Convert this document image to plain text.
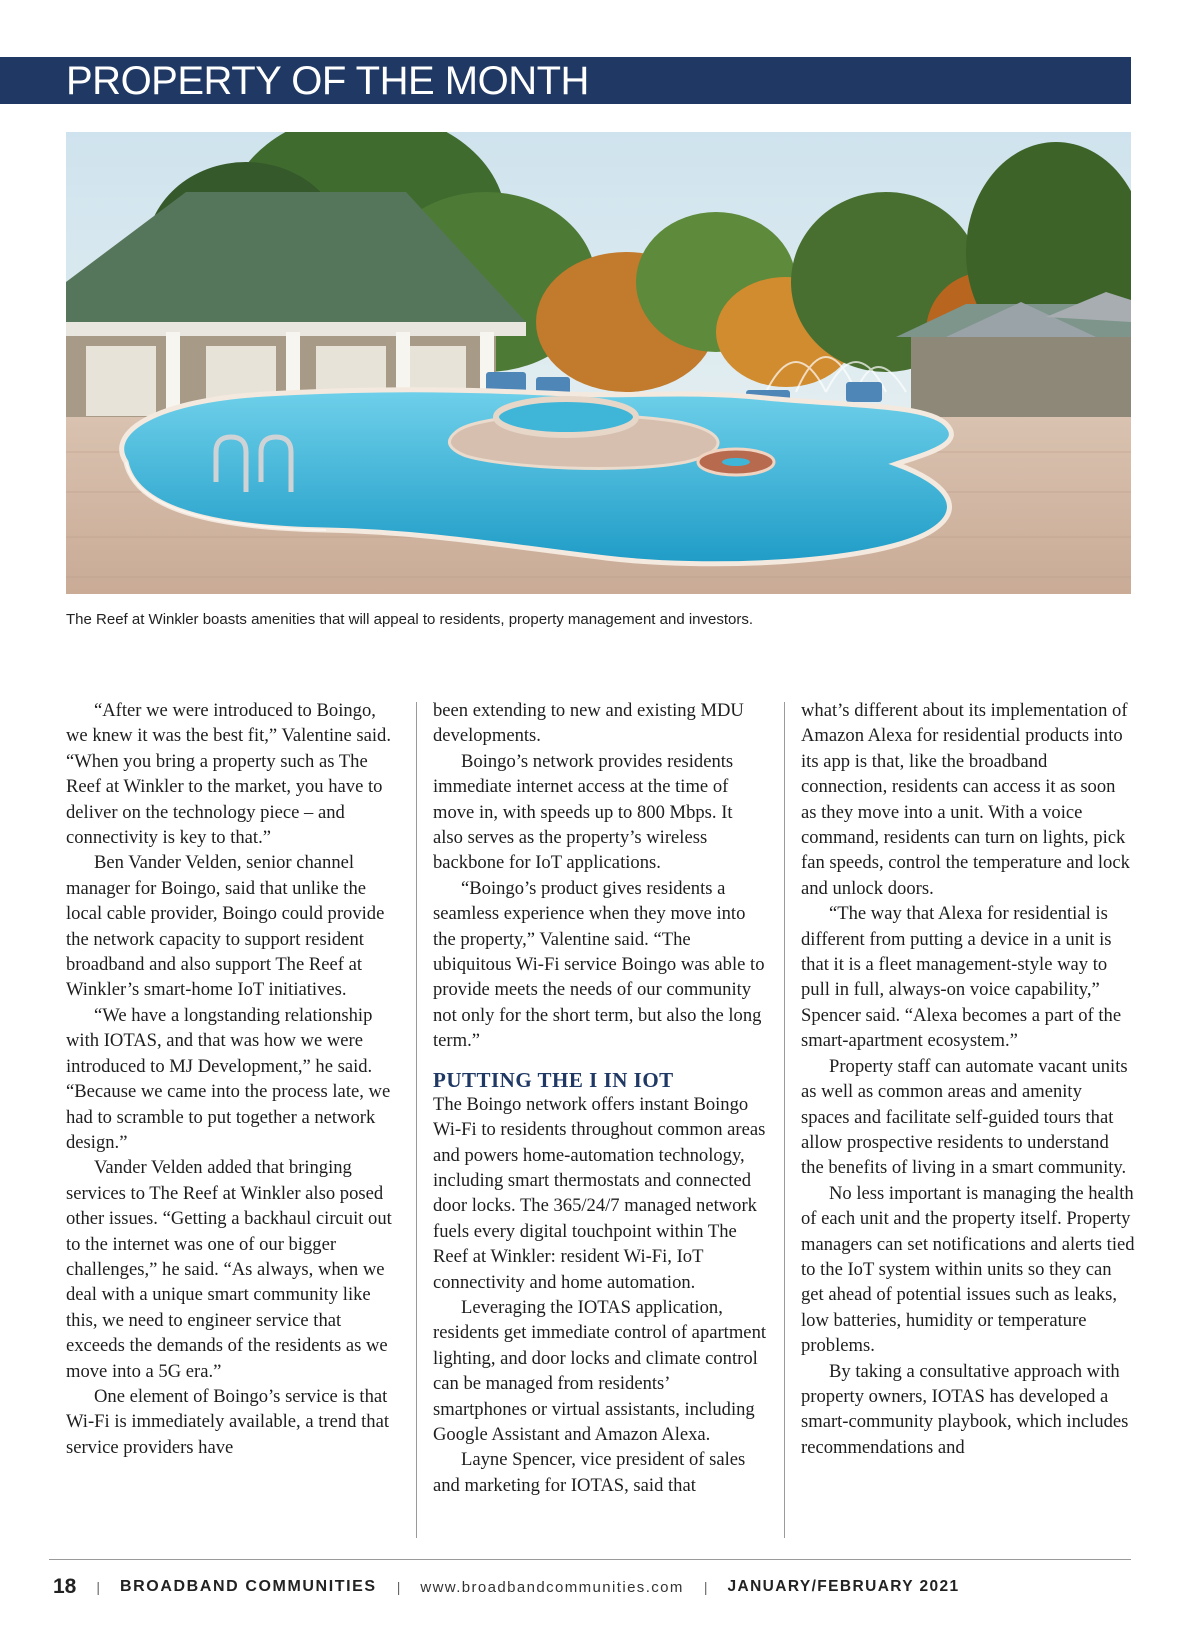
PROPERTY OF THE MONTH
The Reef at Winkler boasts amenities that will appeal to residents, property management and investors.

“After we were introduced to Boingo, we knew it was the best fit,” Valentine said. “When you bring a property such as The Reef at Winkler to the market, you have to deliver on the technology piece – and connectivity is key to that.”

Ben Vander Velden, senior channel manager for Boingo, said that unlike the local cable provider, Boingo could provide the network capacity to support resident broadband and also support The Reef at Winkler’s smart-home IoT initiatives.

“We have a longstanding relationship with IOTAS, and that was how we were introduced to MJ Development,” he said. “Because we came into the process late, we had to scramble to put together a network design.”

Vander Velden added that bringing services to The Reef at Winkler also posed other issues. “Getting a backhaul circuit out to the internet was one of our bigger challenges,” he said. “As always, when we deal with a unique smart community like this, we need to engineer service that exceeds the demands of the residents as we move into a 5G era.”

One element of Boingo’s service is that Wi-Fi is immediately available, a trend that service providers have

been extending to new and existing MDU developments.

Boingo’s network provides residents immediate internet access at the time of move in, with speeds up to 800 Mbps. It also serves as the property’s wireless backbone for IoT applications.

“Boingo’s product gives residents a seamless experience when they move into the property,” Valentine said. “The ubiquitous Wi-Fi service Boingo was able to provide meets the needs of our community not only for the short term, but also the long term.”

PUTTING THE I IN IOT

The Boingo network offers instant Boingo Wi-Fi to residents throughout common areas and powers home-automation technology, including smart thermostats and connected door locks. The 365/24/7 managed network fuels every digital touchpoint within The Reef at Winkler: resident Wi-Fi, IoT connectivity and home automation.

Leveraging the IOTAS application, residents get immediate control of apartment lighting, and door locks and climate control can be managed from residents’ smartphones or virtual assistants, including Google Assistant and Amazon Alexa.

Layne Spencer, vice president of sales and marketing for IOTAS, said that

what’s different about its implementation of Amazon Alexa for residential products into its app is that, like the broadband connection, residents can access it as soon as they move into a unit. With a voice command, residents can turn on lights, pick fan speeds, control the temperature and lock and unlock doors.

“The way that Alexa for residential is different from putting a device in a unit is that it is a fleet management-style way to pull in full, always-on voice capability,” Spencer said. “Alexa becomes a part of the smart-apartment ecosystem.”

Property staff can automate vacant units as well as common areas and amenity spaces and facilitate self-guided tours that allow prospective residents to understand the benefits of living in a smart community.

No less important is managing the health of each unit and the property itself. Property managers can set notifications and alerts tied to the IoT system within units so they can get ahead of potential issues such as leaks, low batteries, humidity or temperature problems.

By taking a consultative approach with property owners, IOTAS has developed a smart-community playbook, which includes recommendations and

18 | BROADBAND COMMUNITIES | www.broadbandcommunities.com | JANUARY/FEBRUARY 2021
